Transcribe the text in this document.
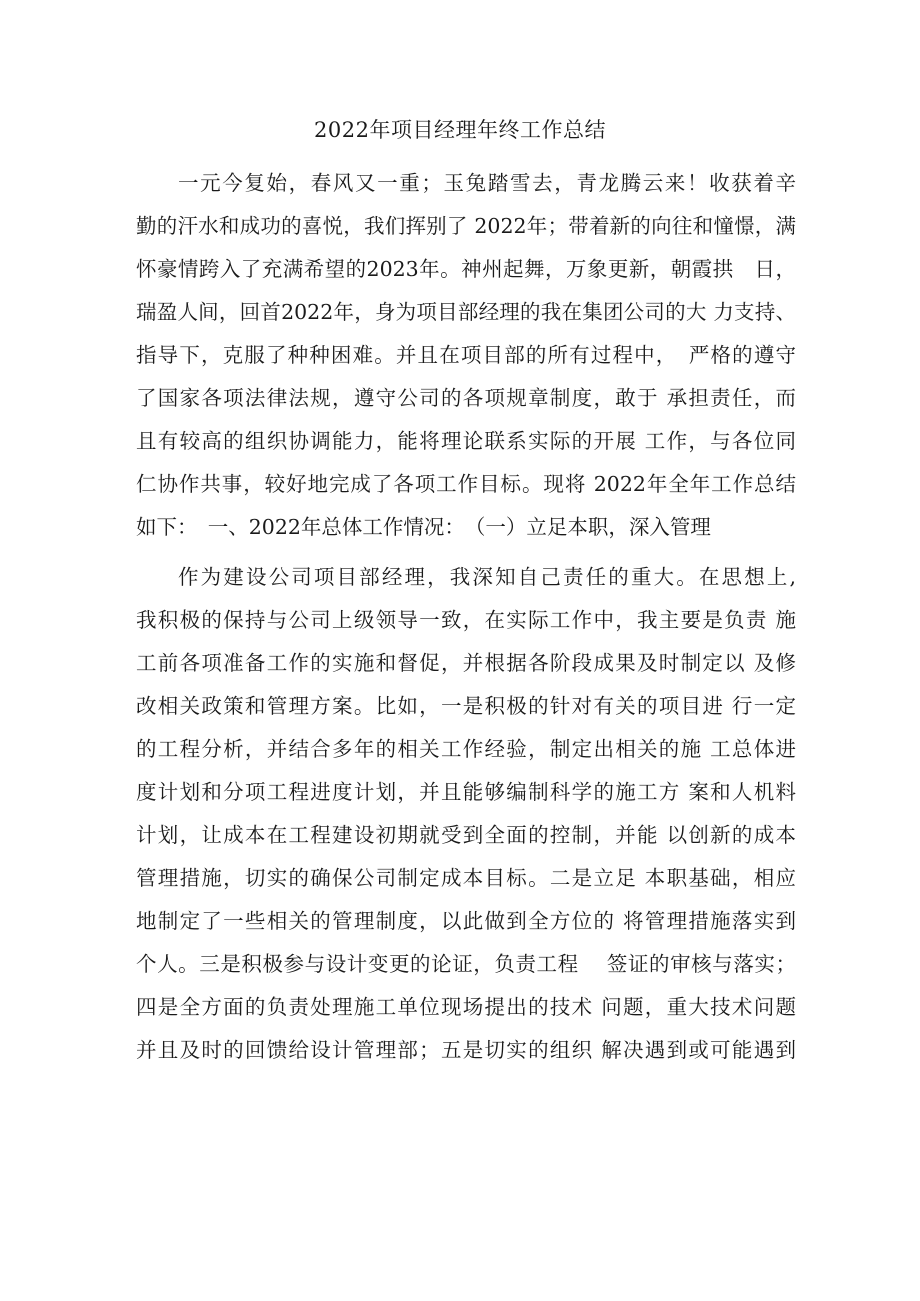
2022年项目经理年终工作总结
一元今复始，春风又一重；玉兔踏雪去，青龙腾云来！收获着辛
勤的汗水和成功的喜悦，我们挥别了 2022年；带着新的向往和憧憬，满
怀豪情跨入了充满希望的2023年。神州起舞，万象更新，朝霞拱　日，
瑞盈人间，回首2022年，身为项目部经理的我在集团公司的大 力支持、
指导下，克服了种种困难。并且在项目部的所有过程中，　严格的遵守
了国家各项法律法规，遵守公司的各项规章制度，敢于 承担责任，而
且有较高的组织协调能力，能将理论联系实际的开展 工作，与各位同
仁协作共事，较好地完成了各项工作目标。现将 2022年全年工作总结
如下：　一、2022年总体工作情况：　（一）立足本职，深入管理
作为建设公司项目部经理，我深知自己责任的重大。在思想上,
我积极的保持与公司上级领导一致，在实际工作中，我主要是负责 施
工前各项准备工作的实施和督促，并根据各阶段成果及时制定以 及修
改相关政策和管理方案。比如，一是积极的针对有关的项目进 行一定
的工程分析，并结合多年的相关工作经验，制定出相关的施 工总体进
度计划和分项工程进度计划，并且能够编制科学的施工方 案和人机料
计划，让成本在工程建设初期就受到全面的控制，并能 以创新的成本
管理措施，切实的确保公司制定成本目标。二是立足 本职基础，相应
地制定了一些相关的管理制度，以此做到全方位的 将管理措施落实到
个人。三是积极参与设计变更的论证，负责工程　 签证的审核与落实；
四是全方面的负责处理施工单位现场提出的技术 问题，重大技术问题
并且及时的回馈给设计管理部；五是切实的组织 解决遇到或可能遇到
